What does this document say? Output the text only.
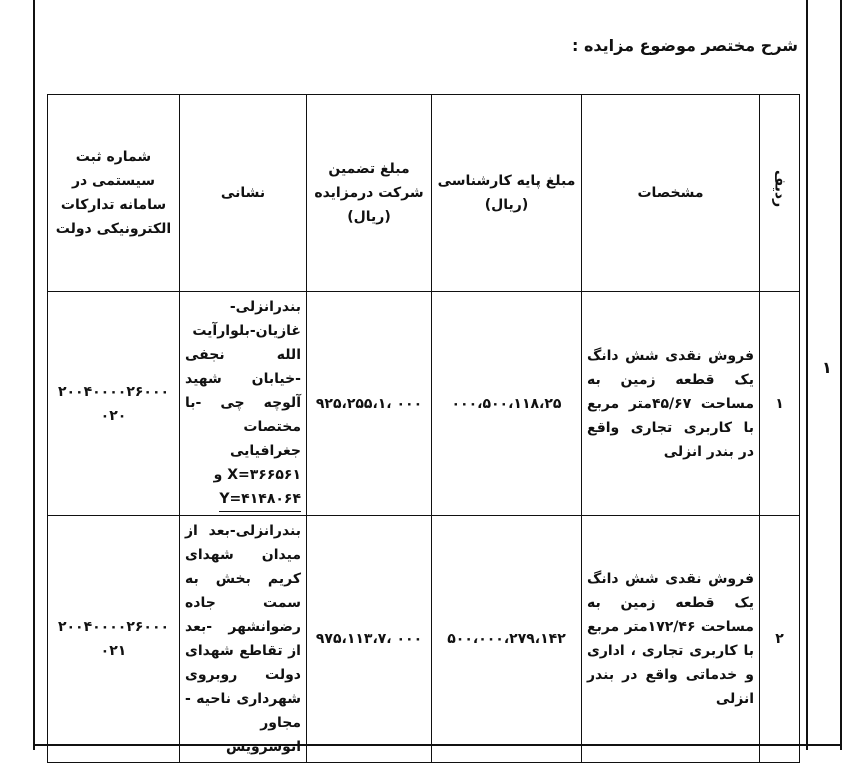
شرح مختصر موضوع مزایده :
۱
ردیف	مشخصات	مبلغ پایه کارشناسی (ریال)	مبلغ تضمین شرکت درمزایده (ریال)	نشانی	شماره ثبت سیستمی در سامانه تدارکات الکترونیکی دولت
۱	فروش نقدی شش دانگ یک قطعه زمین به مساحت ۴۵/۶۷متر مربع با کاربری تجاری واقع در بندر انزلی	۰۰۰،۵۰۰،۱۱۸،۲۵	۹۲۵،۲۵۵،۱، ۰۰۰	بندرانزلی-غازیان-بلوارآیت الله نجفی -خیابان شهید آلوچه چی -با مختصات جغرافیایی
X=۳۶۶۵۶۱ و
Y=۴۱۴۸۰۶۴	۲۰۰۴۰۰۰۰۲۶۰۰۰ ۰۲۰
۲	فروش نقدی شش دانگ یک قطعه زمین به مساحت ۱۷۲/۴۶متر مربع با کاربری تجاری ، اداری و خدماتی واقع در بندر انزلی	۵۰۰،۰۰۰،۲۷۹،۱۴۲	۹۷۵،۱۱۳،۷، ۰۰۰	بندرانزلی-بعد از میدان شهدای کریم بخش به سمت جاده رضوانشهر -بعد از تقاطع شهدای دولت روبروی شهرداری ناحیه - مجاور اتوسرویس	۲۰۰۴۰۰۰۰۲۶۰۰۰ ۰۲۱
